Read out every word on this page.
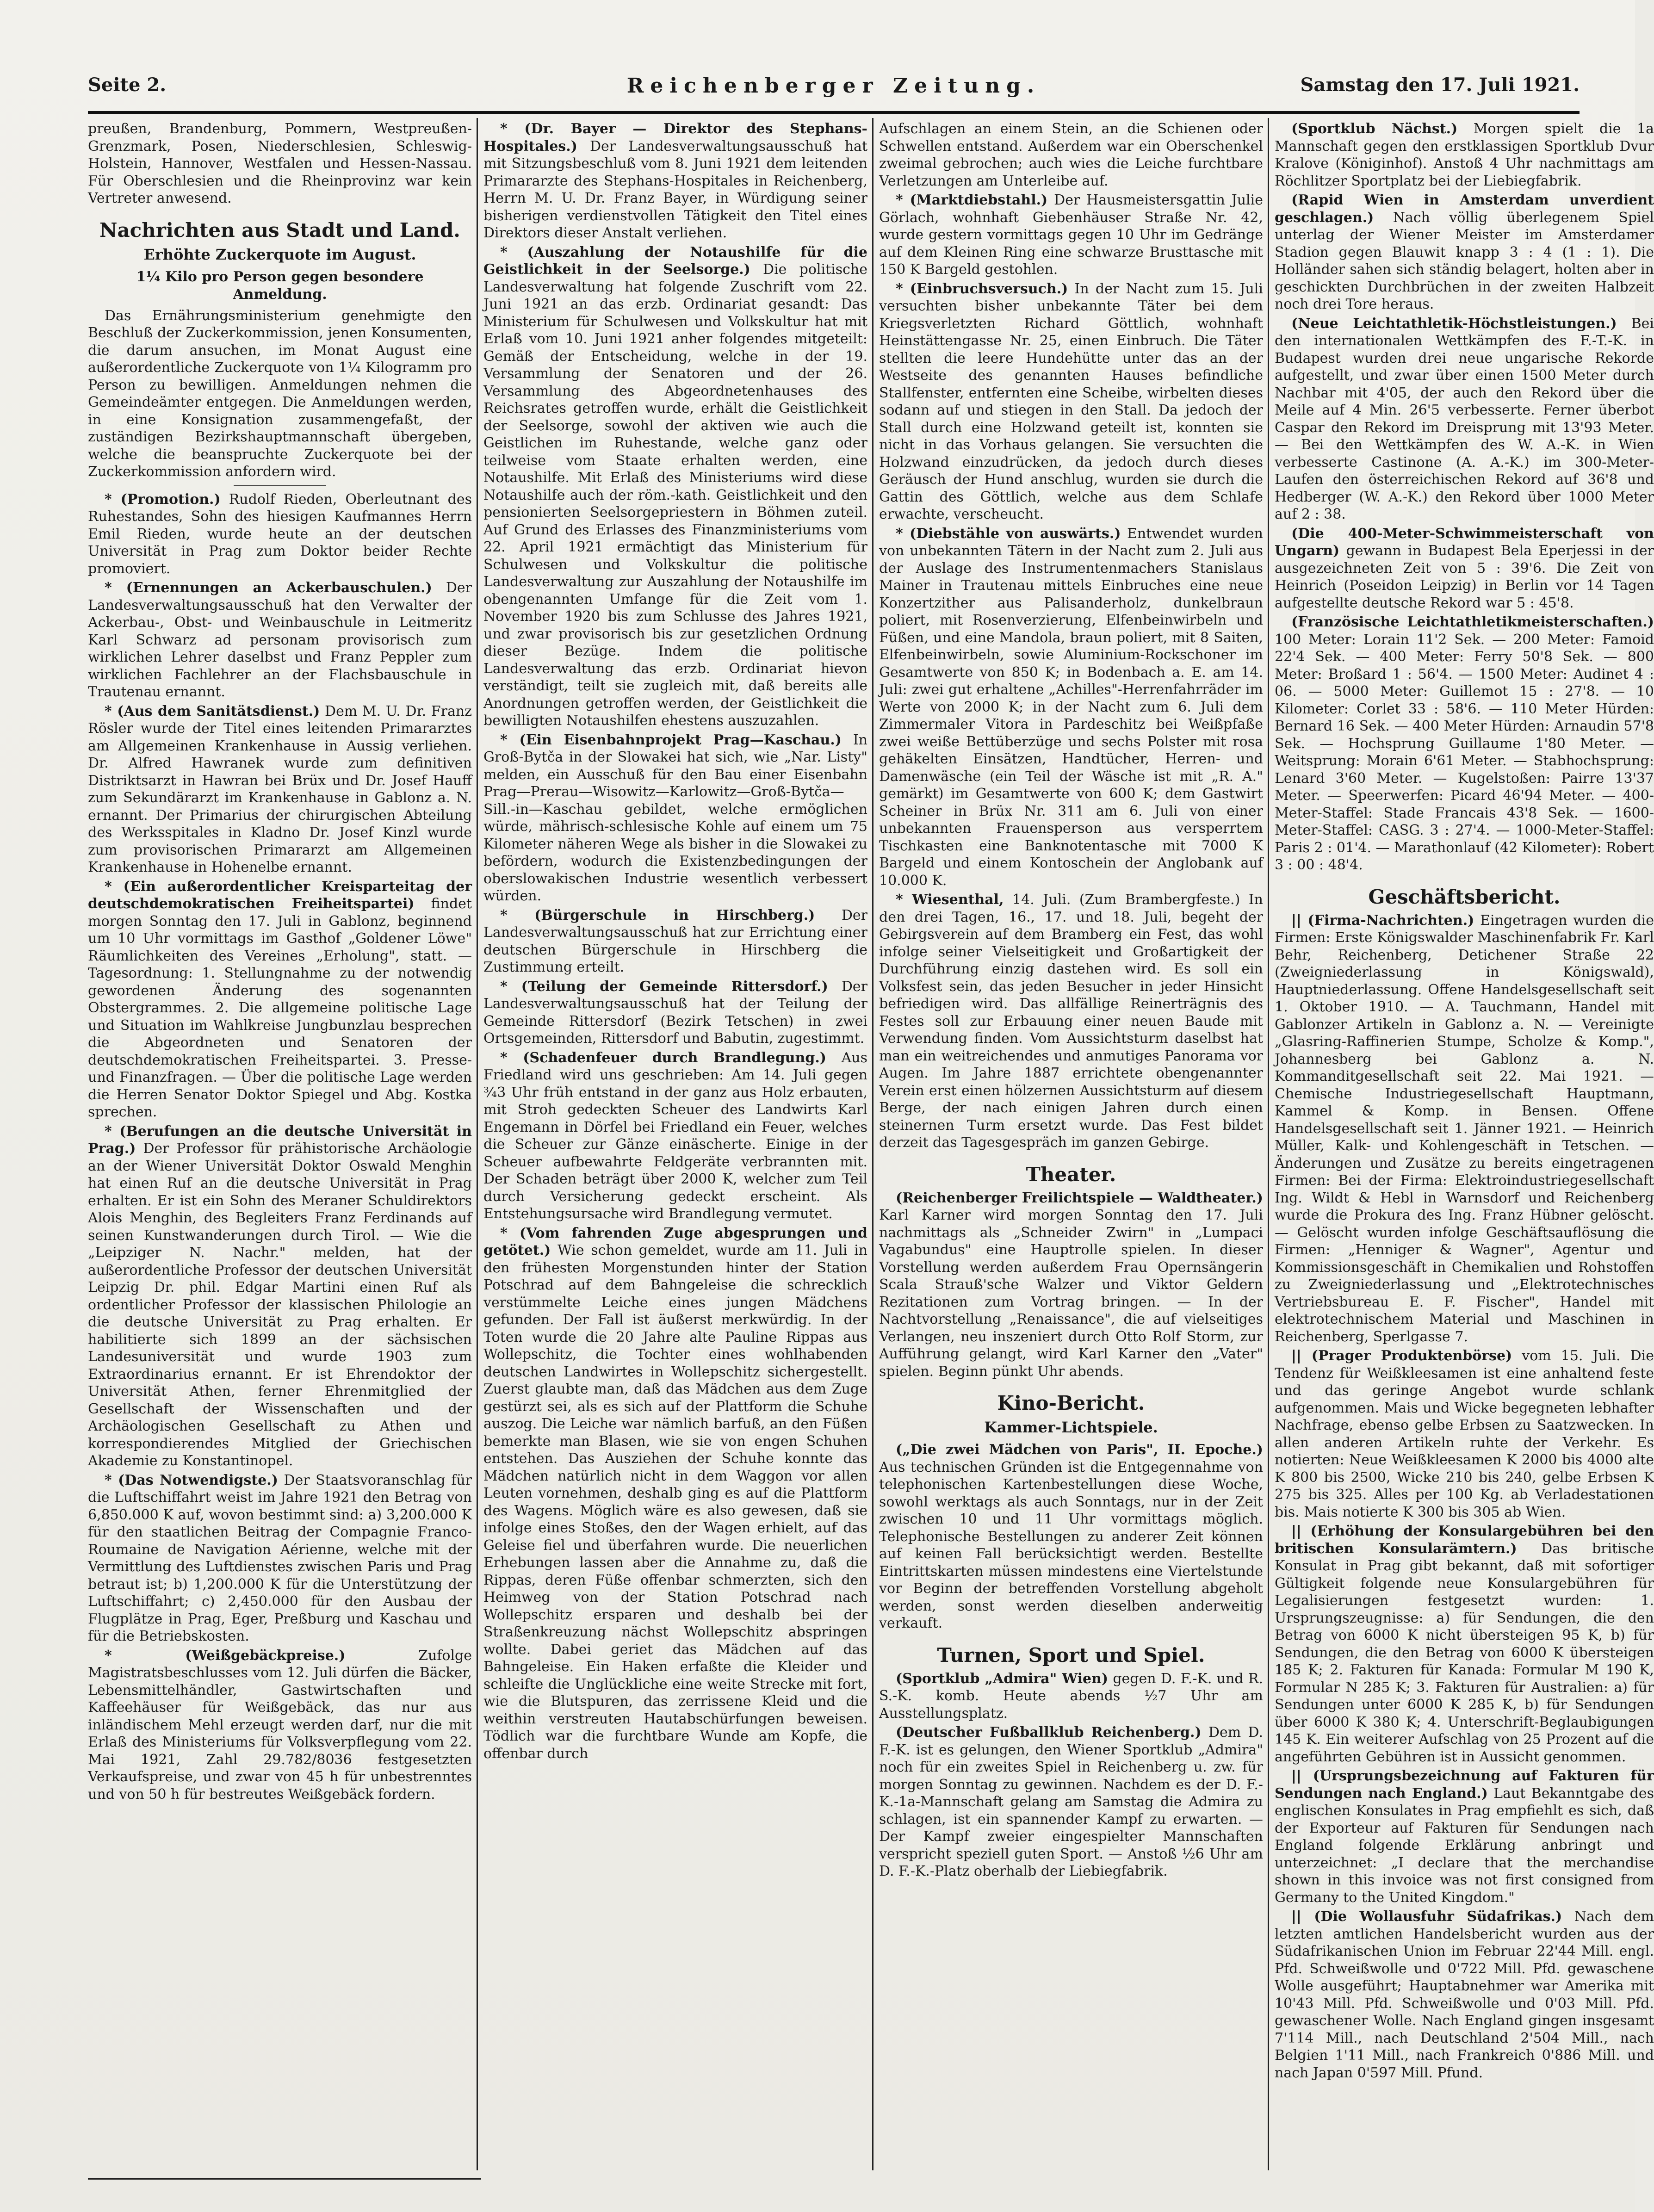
Seite 2.	Reichenberger Zeitung.	Samstag den 17. Juli 1921.

preußen, Brandenburg, Pommern, Westpreußen-Grenzmark, Posen, Niederschlesien, Schleswig-Holstein, Hannover, Westfalen und Hessen-Nassau. Für Oberschlesien und die Rheinprovinz war kein Vertreter anwesend.

Nachrichten aus Stadt und Land.
Erhöhte Zuckerquote im August.
1¼ Kilo pro Person gegen besondere Anmeldung.

Das Ernährungsministerium genehmigte den Beschluß der Zuckerkommission, jenen Konsumenten, die darum ansuchen, im Monat August eine außerordentliche Zuckerquote von 1¼ Kilogramm pro Person zu bewilligen. Anmeldungen nehmen die Gemeindeämter entgegen. Die Anmeldungen werden, in eine Konsignation zusammengefaßt, der zuständigen Bezirkshauptmannschaft übergeben, welche die beanspruchte Zuckerquote bei der Zuckerkommission anfordern wird.

* (Promotion.) Rudolf Rieden, Oberleutnant des Ruhestandes, Sohn des hiesigen Kaufmannes Herrn Emil Rieden, wurde heute an der deutschen Universität in Prag zum Doktor beider Rechte promoviert.

* (Ernennungen an Ackerbauschulen.) Der Landesverwaltungsausschuß hat den Verwalter der Ackerbau-, Obst- und Weinbauschule in Leitmeritz Karl Schwarz ad personam provisorisch zum wirklichen Lehrer daselbst und Franz Peppler zum wirklichen Fachlehrer an der Flachsbauschule in Trautenau ernannt.

* (Aus dem Sanitätsdienst.) Dem M. U. Dr. Franz Rösler wurde der Titel eines leitenden Primararztes am Allgemeinen Krankenhause in Aussig verliehen. Dr. Alfred Hawranek wurde zum definitiven Distriktsarzt in Hawran bei Brüx und Dr. Josef Hauff zum Sekundärarzt im Krankenhause in Gablonz a. N. ernannt. Der Primarius der chirurgischen Abteilung des Werksspitales in Kladno Dr. Josef Kinzl wurde zum provisorischen Primararzt am Allgemeinen Krankenhause in Hohenelbe ernannt.

* (Ein außerordentlicher Kreisparteitag der deutschdemokratischen Freiheitspartei) findet morgen Sonntag den 17. Juli in Gablonz, beginnend um 10 Uhr vormittags im Gasthof „Goldener Löwe" Räumlichkeiten des Vereines „Erholung", statt. — Tagesordnung: 1. Stellungnahme zu der notwendig gewordenen Änderung des sogenannten Obstergrammes. 2. Die allgemeine politische Lage und Situation im Wahlkreise Jungbunzlau besprechen die Abgeordneten und Senatoren der deutschdemokratischen Freiheitspartei. 3. Presse- und Finanzfragen. — Über die politische Lage werden die Herren Senator Doktor Spiegel und Abg. Kostka sprechen.

* (Berufungen an die deutsche Universität in Prag.) Der Professor für prähistorische Archäologie an der Wiener Universität Doktor Oswald Menghin hat einen Ruf an die deutsche Universität in Prag erhalten. Er ist ein Sohn des Meraner Schuldirektors Alois Menghin, des Begleiters Franz Ferdinands auf seinen Kunstwanderungen durch Tirol. — Wie die „Leipziger N. Nachr." melden, hat der außerordentliche Professor der deutschen Universität Leipzig Dr. phil. Edgar Martini einen Ruf als ordentlicher Professor der klassischen Philologie an die deutsche Universität zu Prag erhalten. Er habilitierte sich 1899 an der sächsischen Landesuniversität und wurde 1903 zum Extraordinarius ernannt. Er ist Ehrendoktor der Universität Athen, ferner Ehrenmitglied der Gesellschaft der Wissenschaften und der Archäologischen Gesellschaft zu Athen und korrespondierendes Mitglied der Griechischen Akademie zu Konstantinopel.

* (Das Notwendigste.) Der Staatsvoranschlag für die Luftschiffahrt weist im Jahre 1921 den Betrag von 6,850.000 K auf, wovon bestimmt sind: a) 3,200.000 K für den staatlichen Beitrag der Compagnie Franco-Roumaine de Navigation Aérienne, welche mit der Vermittlung des Luftdienstes zwischen Paris und Prag betraut ist; b) 1,200.000 K für die Unterstützung der Luftschiffahrt; c) 2,450.000 für den Ausbau der Flugplätze in Prag, Eger, Preßburg und Kaschau und für die Betriebskosten.

* (Weißgebäckpreise.) Zufolge Magistratsbeschlusses vom 12. Juli dürfen die Bäcker, Lebensmittelhändler, Gastwirtschaften und Kaffeehäuser für Weißgebäck, das nur aus inländischem Mehl erzeugt werden darf, nur die mit Erlaß des Ministeriums für Volksverpflegung vom 22. Mai 1921, Zahl 29.782/8036 festgesetzten Verkaufspreise, und zwar von 45 h für unbestrenntes und von 50 h für bestreutes Weißgebäck fordern.

* (Dr. Bayer — Direktor des Stephans-Hospitales.) Der Landesverwaltungsausschuß hat mit Sitzungsbeschluß vom 8. Juni 1921 dem leitenden Primararzte des Stephans-Hospitales in Reichenberg, Herrn M. U. Dr. Franz Bayer, in Würdigung seiner bisherigen verdienstvollen Tätigkeit den Titel eines Direktors dieser Anstalt verliehen.

* (Auszahlung der Notaushilfe für die Geistlichkeit in der Seelsorge.) Die politische Landesverwaltung hat folgende Zuschrift vom 22. Juni 1921 an das erzb. Ordinariat gesandt: Das Ministerium für Schulwesen und Volkskultur hat mit Erlaß vom 10. Juni 1921 anher folgendes mitgeteilt: Gemäß der Entscheidung, welche in der 19. Versammlung der Senatoren und der 26. Versammlung des Abgeordnetenhauses des Reichsrates getroffen wurde, erhält die Geistlichkeit der Seelsorge, sowohl der aktiven wie auch die Geistlichen im Ruhestande, welche ganz oder teilweise vom Staate erhalten werden, eine Notaushilfe. Mit Erlaß des Ministeriums wird diese Notaushilfe auch der röm.-kath. Geistlichkeit und den pensionierten Seelsorgepriestern in Böhmen zuteil. Auf Grund des Erlasses des Finanzministeriums vom 22. April 1921 ermächtigt das Ministerium für Schulwesen und Volkskultur die politische Landesverwaltung zur Auszahlung der Notaushilfe im obengenannten Umfange für die Zeit vom 1. November 1920 bis zum Schlusse des Jahres 1921, und zwar provisorisch bis zur gesetzlichen Ordnung dieser Bezüge. Indem die politische Landesverwaltung das erzb. Ordinariat hievon verständigt, teilt sie zugleich mit, daß bereits alle Anordnungen getroffen werden, der Geistlichkeit die bewilligten Notaushilfen ehestens auszuzahlen.

* (Ein Eisenbahnprojekt Prag—Kaschau.) In Groß-Bytča in der Slowakei hat sich, wie „Nar. Listy" melden, ein Ausschuß für den Bau einer Eisenbahn Prag—Prerau—Wisowitz—Karlowitz—Groß-Bytča—Sill.-in—Kaschau gebildet, welche ermöglichen würde, mährisch-schlesische Kohle auf einem um 75 Kilometer näheren Wege als bisher in die Slowakei zu befördern, wodurch die Existenzbedingungen der oberslowakischen Industrie wesentlich verbessert würden.

* (Bürgerschule in Hirschberg.) Der Landesverwaltungsausschuß hat zur Errichtung einer deutschen Bürgerschule in Hirschberg die Zustimmung erteilt.

* (Teilung der Gemeinde Rittersdorf.) Der Landesverwaltungsausschuß hat der Teilung der Gemeinde Rittersdorf (Bezirk Tetschen) in zwei Ortsgemeinden, Rittersdorf und Babutin, zugestimmt.

* (Schadenfeuer durch Brandlegung.) Aus Friedland wird uns geschrieben: Am 14. Juli gegen ¾3 Uhr früh entstand in der ganz aus Holz erbauten, mit Stroh gedeckten Scheuer des Landwirts Karl Engemann in Dörfel bei Friedland ein Feuer, welches die Scheuer zur Gänze einäscherte. Einige in der Scheuer aufbewahrte Feldgeräte verbrannten mit. Der Schaden beträgt über 2000 K, welcher zum Teil durch Versicherung gedeckt erscheint. Als Entstehungsursache wird Brandlegung vermutet.

* (Vom fahrenden Zuge abgesprungen und getötet.) Wie schon gemeldet, wurde am 11. Juli in den frühesten Morgenstunden hinter der Station Potschrad auf dem Bahngeleise die schrecklich verstümmelte Leiche eines jungen Mädchens gefunden. Der Fall ist äußerst merkwürdig. In der Toten wurde die 20 Jahre alte Pauline Rippas aus Wollepschitz, die Tochter eines wohlhabenden deutschen Landwirtes in Wollepschitz sichergestellt. Zuerst glaubte man, daß das Mädchen aus dem Zuge gestürzt sei, als es sich auf der Plattform die Schuhe auszog. Die Leiche war nämlich barfuß, an den Füßen bemerkte man Blasen, wie sie von engen Schuhen entstehen. Das Ausziehen der Schuhe konnte das Mädchen natürlich nicht in dem Waggon vor allen Leuten vornehmen, deshalb ging es auf die Plattform des Wagens. Möglich wäre es also gewesen, daß sie infolge eines Stoßes, den der Wagen erhielt, auf das Geleise fiel und überfahren wurde. Die neuerlichen Erhebungen lassen aber die Annahme zu, daß die Rippas, deren Füße offenbar schmerzten, sich den Heimweg von der Station Potschrad nach Wollepschitz ersparen und deshalb bei der Straßenkreuzung nächst Wollepschitz abspringen wollte. Dabei geriet das Mädchen auf das Bahngeleise. Ein Haken erfaßte die Kleider und schleifte die Unglückliche eine weite Strecke mit fort, wie die Blutspuren, das zerrissene Kleid und die weithin verstreuten Hautabschürfungen beweisen. Tödlich war die furchtbare Wunde am Kopfe, die offenbar durch

Aufschlagen an einem Stein, an die Schienen oder Schwellen entstand. Außerdem war ein Oberschenkel zweimal gebrochen; auch wies die Leiche furchtbare Verletzungen am Unterleibe auf.

* (Marktdiebstahl.) Der Hausmeistersgattin Julie Görlach, wohnhaft Giebenhäuser Straße Nr. 42, wurde gestern vormittags gegen 10 Uhr im Gedränge auf dem Kleinen Ring eine schwarze Brusttasche mit 150 K Bargeld gestohlen.

* (Einbruchsversuch.) In der Nacht zum 15. Juli versuchten bisher unbekannte Täter bei dem Kriegsverletzten Richard Göttlich, wohnhaft Heinstättengasse Nr. 25, einen Einbruch. Die Täter stellten die leere Hundehütte unter das an der Westseite des genannten Hauses befindliche Stallfenster, entfernten eine Scheibe, wirbelten dieses sodann auf und stiegen in den Stall. Da jedoch der Stall durch eine Holzwand geteilt ist, konnten sie nicht in das Vorhaus gelangen. Sie versuchten die Holzwand einzudrücken, da jedoch durch dieses Geräusch der Hund anschlug, wurden sie durch die Gattin des Göttlich, welche aus dem Schlafe erwachte, verscheucht.

* (Diebstähle von auswärts.) Entwendet wurden von unbekannten Tätern in der Nacht zum 2. Juli aus der Auslage des Instrumentenmachers Stanislaus Mainer in Trautenau mittels Einbruches eine neue Konzertzither aus Palisanderholz, dunkelbraun poliert, mit Rosenverzierung, Elfenbeinwirbeln und Füßen, und eine Mandola, braun poliert, mit 8 Saiten, Elfenbeinwirbeln, sowie Aluminium-Rockschoner im Gesamtwerte von 850 K; in Bodenbach a. E. am 14. Juli: zwei gut erhaltene „Achilles"-Herrenfahrräder im Werte von 2000 K; in der Nacht zum 6. Juli dem Zimmermaler Vitora in Pardeschitz bei Weißpfaße zwei weiße Bettüberzüge und sechs Polster mit rosa gehäkelten Einsätzen, Handtücher, Herren- und Damenwäsche (ein Teil der Wäsche ist mit „R. A." gemärkt) im Gesamtwerte von 600 K; dem Gastwirt Scheiner in Brüx Nr. 311 am 6. Juli von einer unbekannten Frauensperson aus versperrtem Tischkasten eine Banknotentasche mit 7000 K Bargeld und einem Kontoschein der Anglobank auf 10.000 K.

* Wiesenthal, 14. Juli. (Zum Brambergfeste.) In den drei Tagen, 16., 17. und 18. Juli, begeht der Gebirgsverein auf dem Bramberg ein Fest, das wohl infolge seiner Vielseitigkeit und Großartigkeit der Durchführung einzig dastehen wird. Es soll ein Volksfest sein, das jeden Besucher in jeder Hinsicht befriedigen wird. Das allfällige Reinerträgnis des Festes soll zur Erbauung einer neuen Baude mit Verwendung finden. Vom Aussichtsturm daselbst hat man ein weitreichendes und anmutiges Panorama vor Augen. Im Jahre 1887 errichtete obengenannter Verein erst einen hölzernen Aussichtsturm auf diesem Berge, der nach einigen Jahren durch einen steinernen Turm ersetzt wurde. Das Fest bildet derzeit das Tagesgespräch im ganzen Gebirge.

Theater.

(Reichenberger Freilichtspiele — Waldtheater.) Karl Karner wird morgen Sonntag den 17. Juli nachmittags als „Schneider Zwirn" in „Lumpaci Vagabundus" eine Hauptrolle spielen. In dieser Vorstellung werden außerdem Frau Opernsängerin Scala Strauß'sche Walzer und Viktor Geldern Rezitationen zum Vortrag bringen. — In der Nachtvorstellung „Renaissance", die auf vielseitiges Verlangen, neu inszeniert durch Otto Rolf Storm, zur Aufführung gelangt, wird Karl Karner den „Vater" spielen. Beginn pünkt Uhr abends.

Kino-Bericht.
Kammer-Lichtspiele.

(„Die zwei Mädchen von Paris", II. Epoche.) Aus technischen Gründen ist die Entgegennahme von telephonischen Kartenbestellungen diese Woche, sowohl werktags als auch Sonntags, nur in der Zeit zwischen 10 und 11 Uhr vormittags möglich. Telephonische Bestellungen zu anderer Zeit können auf keinen Fall berücksichtigt werden. Bestellte Eintrittskarten müssen mindestens eine Viertelstunde vor Beginn der betreffenden Vorstellung abgeholt werden, sonst werden dieselben anderweitig verkauft.

Turnen, Sport und Spiel.

(Sportklub „Admira" Wien) gegen D. F.-K. und R. S.-K. komb. Heute abends ½7 Uhr am Ausstellungsplatz.

(Deutscher Fußballklub Reichenberg.) Dem D. F.-K. ist es gelungen, den Wiener Sportklub „Admira" noch für ein zweites Spiel in Reichenberg u. zw. für morgen Sonntag zu gewinnen. Nachdem es der D. F.-K.-1a-Mannschaft gelang am Samstag die Admira zu schlagen, ist ein spannender Kampf zu erwarten. — Der Kampf zweier eingespielter Mannschaften verspricht speziell guten Sport. — Anstoß ½6 Uhr am D. F.-K.-Platz oberhalb der Liebiegfabrik.

(Sportklub Nächst.) Morgen spielt die 1a Mannschaft gegen den erstklassigen Sportklub Dvur Kralove (Königinhof). Anstoß 4 Uhr nachmittags am Röchlitzer Sportplatz bei der Liebiegfabrik.

(Rapid Wien in Amsterdam unverdient geschlagen.) Nach völlig überlegenem Spiel unterlag der Wiener Meister im Amsterdamer Stadion gegen Blauwit knapp 3 : 4 (1 : 1). Die Holländer sahen sich ständig belagert, holten aber in geschickten Durchbrüchen in der zweiten Halbzeit noch drei Tore heraus.

(Neue Leichtathletik-Höchstleistungen.) Bei den internationalen Wettkämpfen des F.-T.-K. in Budapest wurden drei neue ungarische Rekorde aufgestellt, und zwar über einen 1500 Meter durch Nachbar mit 4'05, der auch den Rekord über die Meile auf 4 Min. 26'5 verbesserte. Ferner überbot Caspar den Rekord im Dreisprung mit 13'93 Meter. — Bei den Wettkämpfen des W. A.-K. in Wien verbesserte Castinone (A. A.-K.) im 300-Meter-Laufen den österreichischen Rekord auf 36'8 und Hedberger (W. A.-K.) den Rekord über 1000 Meter auf 2 : 38.

(Die 400-Meter-Schwimmeisterschaft von Ungarn) gewann in Budapest Bela Eperjessi in der ausgezeichneten Zeit von 5 : 39'6. Die Zeit von Heinrich (Poseidon Leipzig) in Berlin vor 14 Tagen aufgestellte deutsche Rekord war 5 : 45'8.

(Französische Leichtathletikmeisterschaften.) 100 Meter: Lorain 11'2 Sek. — 200 Meter: Famoid 22'4 Sek. — 400 Meter: Ferry 50'8 Sek. — 800 Meter: Broßard 1 : 56'4. — 1500 Meter: Audinet 4 : 06. — 5000 Meter: Guillemot 15 : 27'8. — 10 Kilometer: Corlet 33 : 58'6. — 110 Meter Hürden: Bernard 16 Sek. — 400 Meter Hürden: Arnaudin 57'8 Sek. — Hochsprung Guillaume 1'80 Meter. — Weitsprung: Morain 6'61 Meter. — Stabhochsprung: Lenard 3'60 Meter. — Kugelstoßen: Pairre 13'37 Meter. — Speerwerfen: Picard 46'94 Meter. — 400-Meter-Staffel: Stade Francais 43'8 Sek. — 1600-Meter-Staffel: CASG. 3 : 27'4. — 1000-Meter-Staffel: Paris 2 : 01'4. — Marathonlauf (42 Kilometer): Robert 3 : 00 : 48'4.

Geschäftsbericht.

|| (Firma-Nachrichten.) Eingetragen wurden die Firmen: Erste Königswalder Maschinenfabrik Fr. Karl Behr, Reichenberg, Detichener Straße 22 (Zweigniederlassung in Königswald), Hauptniederlassung. Offene Handelsgesellschaft seit 1. Oktober 1910. — A. Tauchmann, Handel mit Gablonzer Artikeln in Gablonz a. N. — Vereinigte „Glasring-Raffinerien Stumpe, Scholze & Komp.", Johannesberg bei Gablonz a. N. Kommanditgesellschaft seit 22. Mai 1921. — Chemische Industriegesellschaft Hauptmann, Kammel & Komp. in Bensen. Offene Handelsgesellschaft seit 1. Jänner 1921. — Heinrich Müller, Kalk- und Kohlengeschäft in Tetschen. — Änderungen und Zusätze zu bereits eingetragenen Firmen: Bei der Firma: Elektroindustriegesellschaft Ing. Wildt & Hebl in Warnsdorf und Reichenberg wurde die Prokura des Ing. Franz Hübner gelöscht. — Gelöscht wurden infolge Geschäftsauflösung die Firmen: „Henniger & Wagner", Agentur und Kommissionsgeschäft in Chemikalien und Rohstoffen zu Zweigniederlassung und „Elektrotechnisches Vertriebsbureau E. F. Fischer", Handel mit elektrotechnischem Material und Maschinen in Reichenberg, Sperlgasse 7.

|| (Prager Produktenbörse) vom 15. Juli. Die Tendenz für Weißkleesamen ist eine anhaltend feste und das geringe Angebot wurde schlank aufgenommen. Mais und Wicke begegneten lebhafter Nachfrage, ebenso gelbe Erbsen zu Saatzwecken. In allen anderen Artikeln ruhte der Verkehr. Es notierten: Neue Weißkleesamen K 2000 bis 4000 alte K 800 bis 2500, Wicke 210 bis 240, gelbe Erbsen K 275 bis 325. Alles per 100 Kg. ab Verladestationen bis. Mais notierte K 300 bis 305 ab Wien.

|| (Erhöhung der Konsulargebühren bei den britischen Konsularämtern.) Das britische Konsulat in Prag gibt bekannt, daß mit sofortiger Gültigkeit folgende neue Konsulargebühren für Legalisierungen festgesetzt wurden: 1. Ursprungszeugnisse: a) für Sendungen, die den Betrag von 6000 K nicht übersteigen 95 K, b) für Sendungen, die den Betrag von 6000 K übersteigen 185 K; 2. Fakturen für Kanada: Formular M 190 K, Formular N 285 K; 3. Fakturen für Australien: a) für Sendungen unter 6000 K 285 K, b) für Sendungen über 6000 K 380 K; 4. Unterschrift-Beglaubigungen 145 K. Ein weiterer Aufschlag von 25 Prozent auf die angeführten Gebühren ist in Aussicht genommen.

|| (Ursprungsbezeichnung auf Fakturen für Sendungen nach England.) Laut Bekanntgabe des englischen Konsulates in Prag empfiehlt es sich, daß der Exporteur auf Fakturen für Sendungen nach England folgende Erklärung anbringt und unterzeichnet: „I declare that the merchandise shown in this invoice was not first consigned from Germany to the United Kingdom."

|| (Die Wollausfuhr Südafrikas.) Nach dem letzten amtlichen Handelsbericht wurden aus der Südafrikanischen Union im Februar 22'44 Mill. engl. Pfd. Schweißwolle und 0'722 Mill. Pfd. gewaschene Wolle ausgeführt; Hauptabnehmer war Amerika mit 10'43 Mill. Pfd. Schweißwolle und 0'03 Mill. Pfd. gewaschener Wolle. Nach England gingen insgesamt 7'114 Mill., nach Deutschland 2'504 Mill., nach Belgien 1'11 Mill., nach Frankreich 0'886 Mill. und nach Japan 0'597 Mill. Pfund.
